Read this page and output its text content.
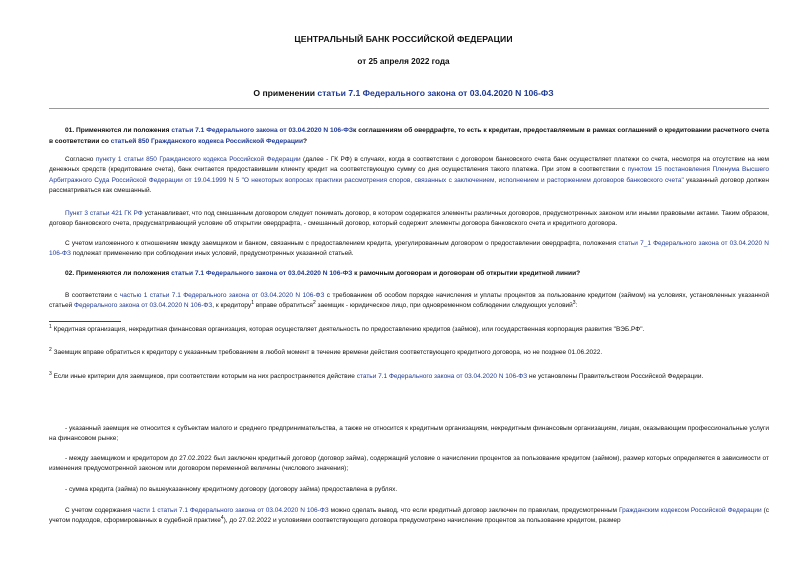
ЦЕНТРАЛЬНЫЙ БАНК РОССИЙСКОЙ ФЕДЕРАЦИИ
от 25 апреля 2022 года
О применении статьи 7.1 Федерального закона от 03.04.2020 N 106-ФЗ
01. Применяются ли положения статьи 7.1 Федерального закона от 03.04.2020 N 106-ФЗк соглашениям об овердрафте, то есть к кредитам, предоставляемым в рамках соглашений о кредитовании расчетного счета в соответствии со статьей 850 Гражданского кодекса Российской Федерации?
Согласно пункту 1 статьи 850 Гражданского кодекса Российской Федерации (далее - ГК РФ) в случаях, когда в соответствии с договором банковского счета банк осуществляет платежи со счета, несмотря на отсутствие на нем денежных средств (кредитование счета), банк считается предоставившим клиенту кредит на соответствующую сумму со дня осуществления такого платежа. При этом в соответствии с пунктом 15 постановления Пленума Высшего Арбитражного Суда Российской Федерации от 19.04.1999 N 5 "О некоторых вопросах практики рассмотрения споров, связанных с заключением, исполнением и расторжением договоров банковского счета" указанный договор должен рассматриваться как смешанный.
Пункт 3 статьи 421 ГК РФ устанавливает, что под смешанным договором следует понимать договор, в котором содержатся элементы различных договоров, предусмотренных законом или иными правовыми актами. Таким образом, договор банковского счета, предусматривающий условие об открытии овердрафта, - смешанный договор, который содержит элементы договора банковского счета и кредитного договора.
С учетом изложенного к отношениям между заемщиком и банком, связанным с предоставлением кредита, урегулированным договором о предоставлении овердрафта, положения статьи 7_1 Федерального закона от 03.04.2020 N 106-ФЗ подлежат применению при соблюдении иных условий, предусмотренных указанной статьей.
02. Применяются ли положения статьи 7.1 Федерального закона от 03.04.2020 N 106-ФЗ к рамочным договорам и договорам об открытии кредитной линии?
В соответствии с частью 1 статьи 7.1 Федерального закона от 03.04.2020 N 106-ФЗ с требованием об особом порядке начисления и уплаты процентов за пользование кредитом (займом) на условиях, установленных указанной статьей Федерального закона от 03.04.2020 N 106-ФЗ, к кредитору$^1$ вправе обратиться$^2$ заемщик - юридическое лицо, при одновременном соблюдении следующих условий$^3$:
$^1$ Кредитная организация, некредитная финансовая организация, которая осуществляет деятельность по предоставлению кредитов (займов), или государственная корпорация развития "ВЭБ.РФ".
$^2$ Заемщик вправе обратиться к кредитору с указанным требованием в любой момент в течение времени действия соответствующего кредитного договора, но не позднее 01.06.2022.
$^3$ Если иные критерии для заемщиков, при соответствии которым на них распространяется действие статьи 7.1 Федерального закона от 03.04.2020 N 106-ФЗ не установлены Правительством Российской Федерации.
- указанный заемщик не относится к субъектам малого и среднего предпринимательства, а также не относится к кредитным организациям, некредитным финансовым организациям, лицам, оказывающим профессиональные услуги на финансовом рынке;
- между заемщиком и кредитором до 27.02.2022 был заключен кредитный договор (договор займа), содержащий условие о начислении процентов за пользование кредитом (займом), размер которых определяется в зависимости от изменения предусмотренной законом или договором переменной величины (числового значения);
- сумма кредита (займа) по вышеуказанному кредитному договору (договору займа) предоставлена в рублях.
С учетом содержания части 1 статьи 7.1 Федерального закона от 03.04.2020 N 106-ФЗ можно сделать вывод, что если кредитный договор заключен по правилам, предусмотренным Гражданским кодексом Российской Федерации (с учетом подходов, сформированных в судебной практике$^4$), до 27.02.2022 и условиями соответствующего договора предусмотрено начисление процентов за пользование кредитом, размер
